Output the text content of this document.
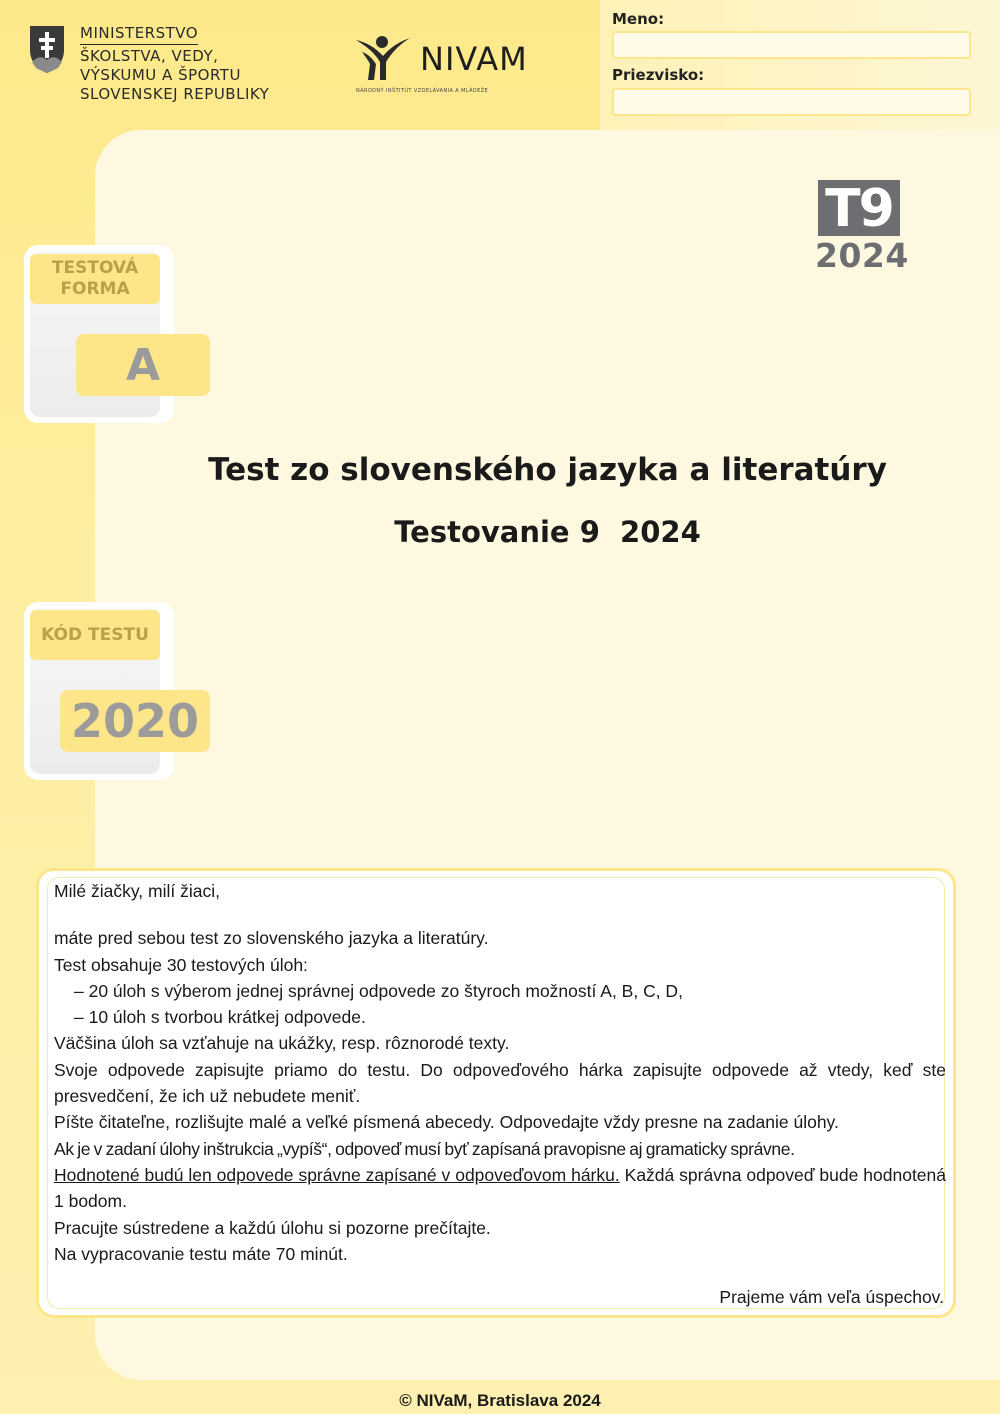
MINISTERSTVO
ŠKOLSTVA, VEDY,
VÝSKUMU A ŠPORTU
SLOVENSKEJ REPUBLIKY
NIVAM
NÁRODNÝ INŠTITÚT VZDELÁVANIA A MLÁDEŽE
Meno:
Priezvisko:
T9
2024
TESTOVÁ FORMA
A
KÓD TESTU
2020
Test zo slovenského jazyka a literatúry
Testovanie 9  2024

Milé žiačky, milí žiaci,

máte pred sebou test zo slovenského jazyka a literatúry.

Test obsahuje 30 testových úloh:

– 20 úloh s výberom jednej správnej odpovede zo štyroch možností A, B, C, D,

– 10 úloh s tvorbou krátkej odpovede.

Väčšina úloh sa vzťahuje na ukážky, resp. rôznorodé texty.

Svoje odpovede zapisujte priamo do testu. Do odpoveďového hárka zapisujte odpovede až vtedy, keď ste presvedčení, že ich už nebudete meniť.

Píšte čitateľne, rozlišujte malé a veľké písmená abecedy. Odpovedajte vždy presne na zadanie úlohy.

Ak je v zadaní úlohy inštrukcia „vypíš“, odpoveď musí byť zapísaná pravopisne aj gramaticky správne.

Hodnotené budú len odpovede správne zapísané v odpoveďovom hárku. Každá správna odpoveď bude hodnotená 1 bodom.

Pracujte sústredene a každú úlohu si pozorne prečítajte.

Na vypracovanie testu máte 70 minút.

Prajeme vám veľa úspechov.
© NIVaM, Bratislava 2024
